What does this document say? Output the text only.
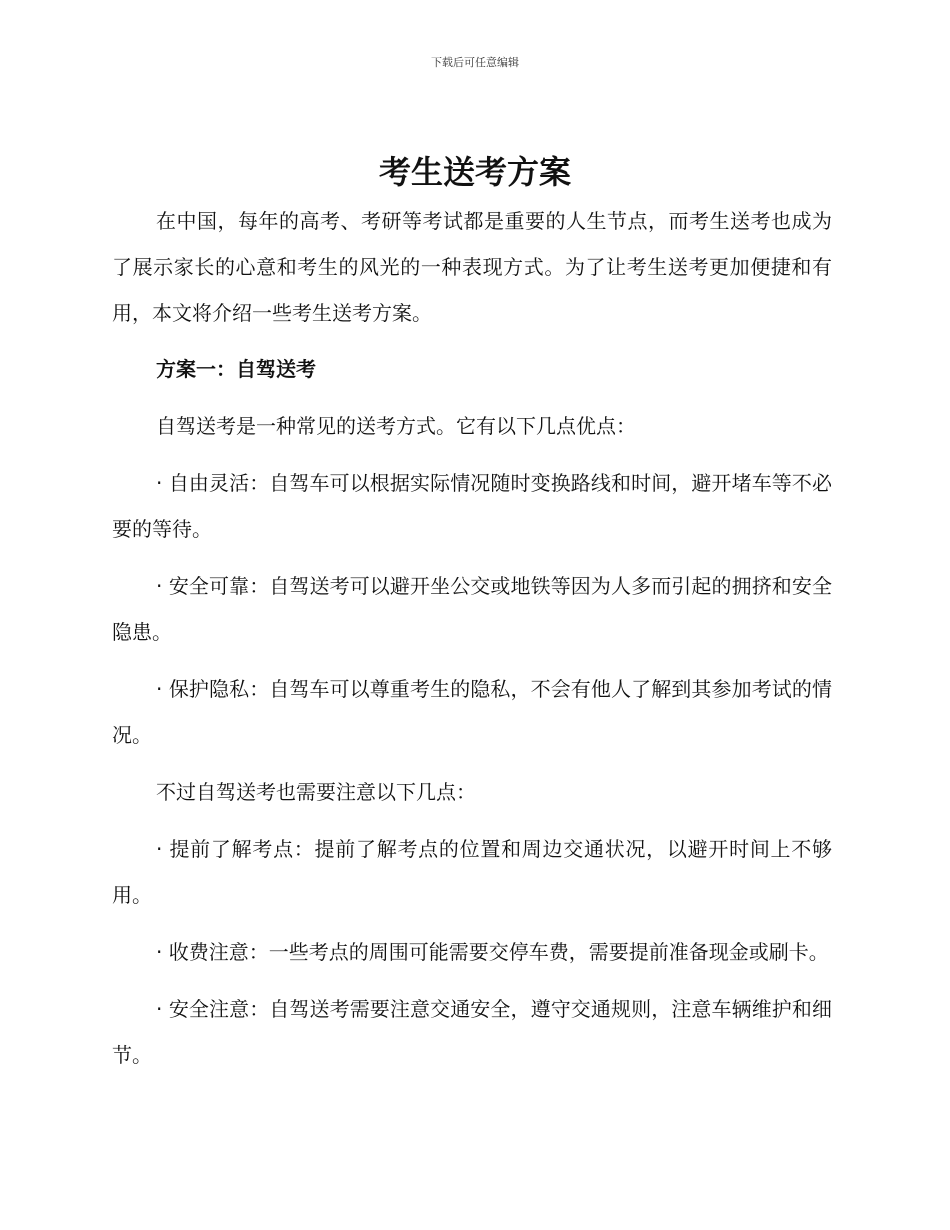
下载后可任意编辑
考生送考方案

在中国，每年的高考、考研等考试都是重要的人生节点，而考生送考也成为了展示家长的心意和考生的风光的一种表现方式。为了让考生送考更加便捷和有用，本文将介绍一些考生送考方案。

方案一：自驾送考

自驾送考是一种常见的送考方式。它有以下几点优点：

· 自由灵活：自驾车可以根据实际情况随时变换路线和时间，避开堵车等不必要的等待。

· 安全可靠：自驾送考可以避开坐公交或地铁等因为人多而引起的拥挤和安全隐患。

· 保护隐私：自驾车可以尊重考生的隐私，不会有他人了解到其参加考试的情况。

不过自驾送考也需要注意以下几点：

· 提前了解考点：提前了解考点的位置和周边交通状况，以避开时间上不够用。

· 收费注意：一些考点的周围可能需要交停车费，需要提前准备现金或刷卡。

· 安全注意：自驾送考需要注意交通安全，遵守交通规则，注意车辆维护和细节。
